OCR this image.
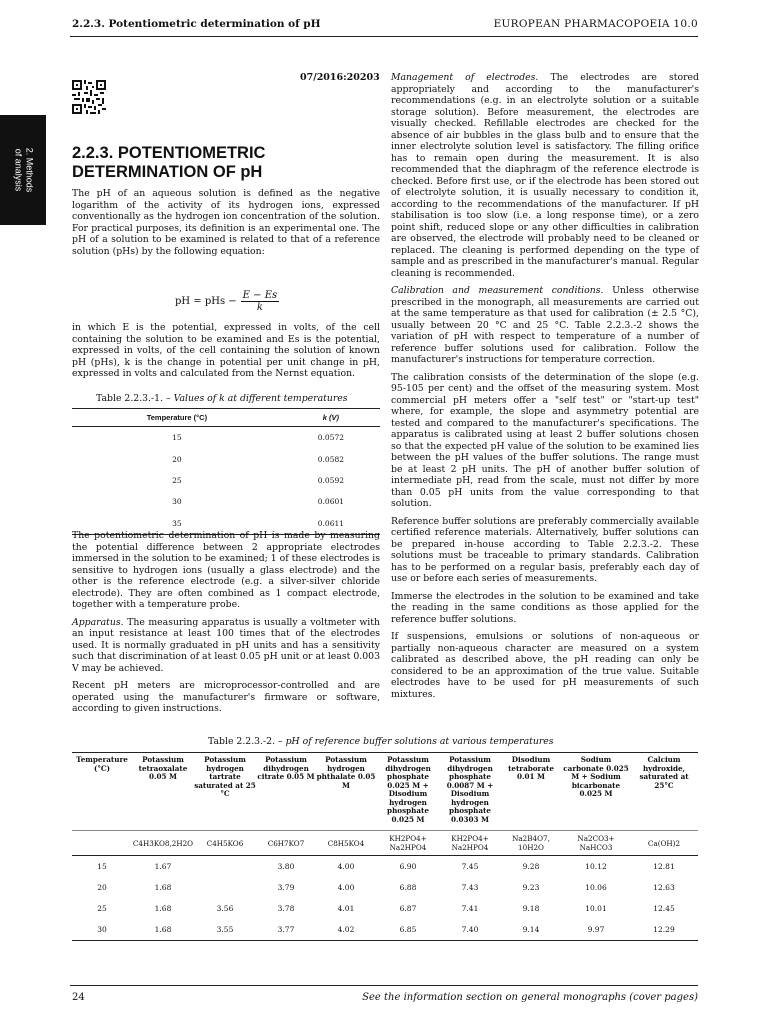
2.2.3. Potentiometric determination of pH	EUROPEAN PHARMACOPOEIA 10.0
2. Methods
of analysis
07/2016:20203
2.2.3. POTENTIOMETRIC DETERMINATION OF pH

The pH of an aqueous solution is defined as the negative logarithm of the activity of its hydrogen ions, expressed conventionally as the hydrogen ion concentration of the solution. For practical purposes, its definition is an experimental one. The pH of a solution to be examined is related to that of a reference solution (pHs) by the following equation:

pH = pHs − $\frac{E - Es}{k}$

in which E is the potential, expressed in volts, of the cell containing the solution to be examined and Es is the potential, expressed in volts, of the cell containing the solution of known pH (pHs), k is the change in potential per unit change in pH, expressed in volts and calculated from the Nernst equation.

Table 2.2.3.-1. – Values of k at different temperatures
Temperature (°C)	k (V)
15	0.0572
20	0.0582
25	0.0592
30	0.0601
35	0.0611

The potentiometric determination of pH is made by measuring the potential difference between 2 appropriate electrodes immersed in the solution to be examined; 1 of these electrodes is sensitive to hydrogen ions (usually a glass electrode) and the other is the reference electrode (e.g. a silver-silver chloride electrode). They are often combined as 1 compact electrode, together with a temperature probe.

Apparatus. The measuring apparatus is usually a voltmeter with an input resistance at least 100 times that of the electrodes used. It is normally graduated in pH units and has a sensitivity such that discrimination of at least 0.05 pH unit or at least 0.003 V may be achieved.

Recent pH meters are microprocessor-controlled and are operated using the manufacturer's firmware or software, according to given instructions.

Management of electrodes. The electrodes are stored appropriately and according to the manufacturer's recommendations (e.g. in an electrolyte solution or a suitable storage solution). Before measurement, the electrodes are visually checked. Refillable electrodes are checked for the absence of air bubbles in the glass bulb and to ensure that the inner electrolyte solution level is satisfactory. The filling orifice has to remain open during the measurement. It is also recommended that the diaphragm of the reference electrode is checked. Before first use, or if the electrode has been stored out of electrolyte solution, it is usually necessary to condition it, according to the recommendations of the manufacturer. If pH stabilisation is too slow (i.e. a long response time), or a zero point shift, reduced slope or any other difficulties in calibration are observed, the electrode will probably need to be cleaned or replaced. The cleaning is performed depending on the type of sample and as prescribed in the manufacturer's manual. Regular cleaning is recommended.

Calibration and measurement conditions. Unless otherwise prescribed in the monograph, all measurements are carried out at the same temperature as that used for calibration (± 2.5 °C), usually between 20 °C and 25 °C. Table 2.2.3.-2 shows the variation of pH with respect to temperature of a number of reference buffer solutions used for calibration. Follow the manufacturer's instructions for temperature correction.

The calibration consists of the determination of the slope (e.g. 95-105 per cent) and the offset of the measuring system. Most commercial pH meters offer a "self test" or "start-up test" where, for example, the slope and asymmetry potential are tested and compared to the manufacturer's specifications. The apparatus is calibrated using at least 2 buffer solutions chosen so that the expected pH value of the solution to be examined lies between the pH values of the buffer solutions. The range must be at least 2 pH units. The pH of another buffer solution of intermediate pH, read from the scale, must not differ by more than 0.05 pH units from the value corresponding to that solution.

Reference buffer solutions are preferably commercially available certified reference materials. Alternatively, buffer solutions can be prepared in-house according to Table 2.2.3.-2. These solutions must be traceable to primary standards. Calibration has to be performed on a regular basis, preferably each day of use or before each series of measurements.

Immerse the electrodes in the solution to be examined and take the reading in the same conditions as those applied for the reference buffer solutions.

If suspensions, emulsions or solutions of non-aqueous or partially non-aqueous character are measured on a system calibrated as described above, the pH reading can only be considered to be an approximation of the true value. Suitable electrodes have to be used for pH measurements of such mixtures.

Table 2.2.3.-2. – pH of reference buffer solutions at various temperatures
Temperature (°C)	Potassium tetraoxalate 0.05 M	Potassium hydrogen tartrate saturated at 25 °C	Potassium dihydrogen citrate 0.05 M	Potassium hydrogen phthalate 0.05 M	Potassium dihydrogen phosphate 0.025 M + Disodium hydrogen phosphate 0.025 M	Potassium dihydrogen phosphate 0.0087 M + Disodium hydrogen phosphate 0.0303 M	Disodium tetraborate 0.01 M	Sodium carbonate 0.025 M + Sodium bicarbonate 0.025 M	Calcium hydroxide, saturated at 25°C
	C4H3KO8,2H2O	C4H5KO6	C6H7KO7	C8H5KO4	KH2PO4+ Na2HPO4	KH2PO4+ Na2HPO4	Na2B4O7, 10H2O	Na2CO3+ NaHCO3	Ca(OH)2
15	1.67		3.80	4.00	6.90	7.45	9.28	10.12	12.81
20	1.68		3.79	4.00	6.88	7.43	9.23	10.06	12.63
25	1.68	3.56	3.78	4.01	6.87	7.41	9.18	10.01	12.45
30	1.68	3.55	3.77	4.02	6.85	7.40	9.14	9.97	12.29
24	See the information section on general monographs (cover pages)
